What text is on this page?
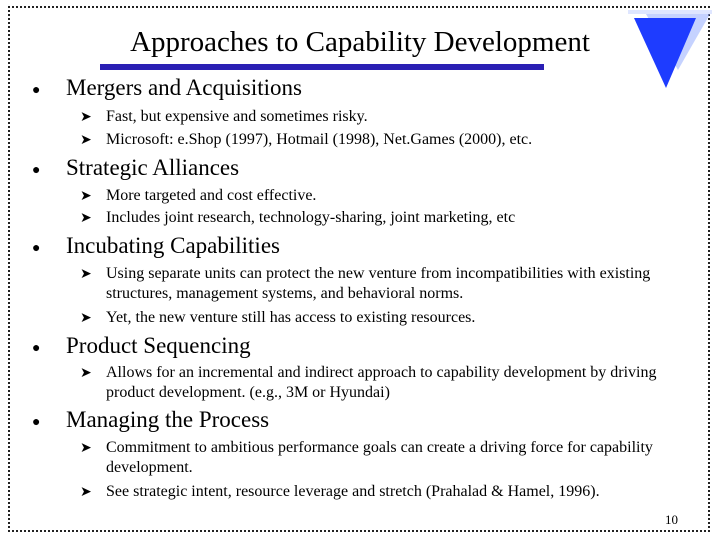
Approaches to Capability Development
● Mergers and Acquisitions
➤ Fast, but expensive and sometimes risky.
➤ Microsoft: e.Shop (1997), Hotmail (1998), Net.Games (2000), etc.
● Strategic Alliances
➤ More targeted and cost effective.
➤ Includes joint research, technology-sharing, joint marketing, etc
● Incubating Capabilities
➤ Using separate units can protect the new venture from incompatibilities with existing structures, management systems, and behavioral norms.
➤ Yet, the new venture still has access to existing resources.
● Product Sequencing
➤ Allows for an incremental and indirect approach to capability development by driving product development. (e.g., 3M or Hyundai)
● Managing the Process
➤ Commitment to ambitious performance goals can create a driving force for capability development.
➤ See strategic intent, resource leverage and stretch (Prahalad & Hamel, 1996).
10
